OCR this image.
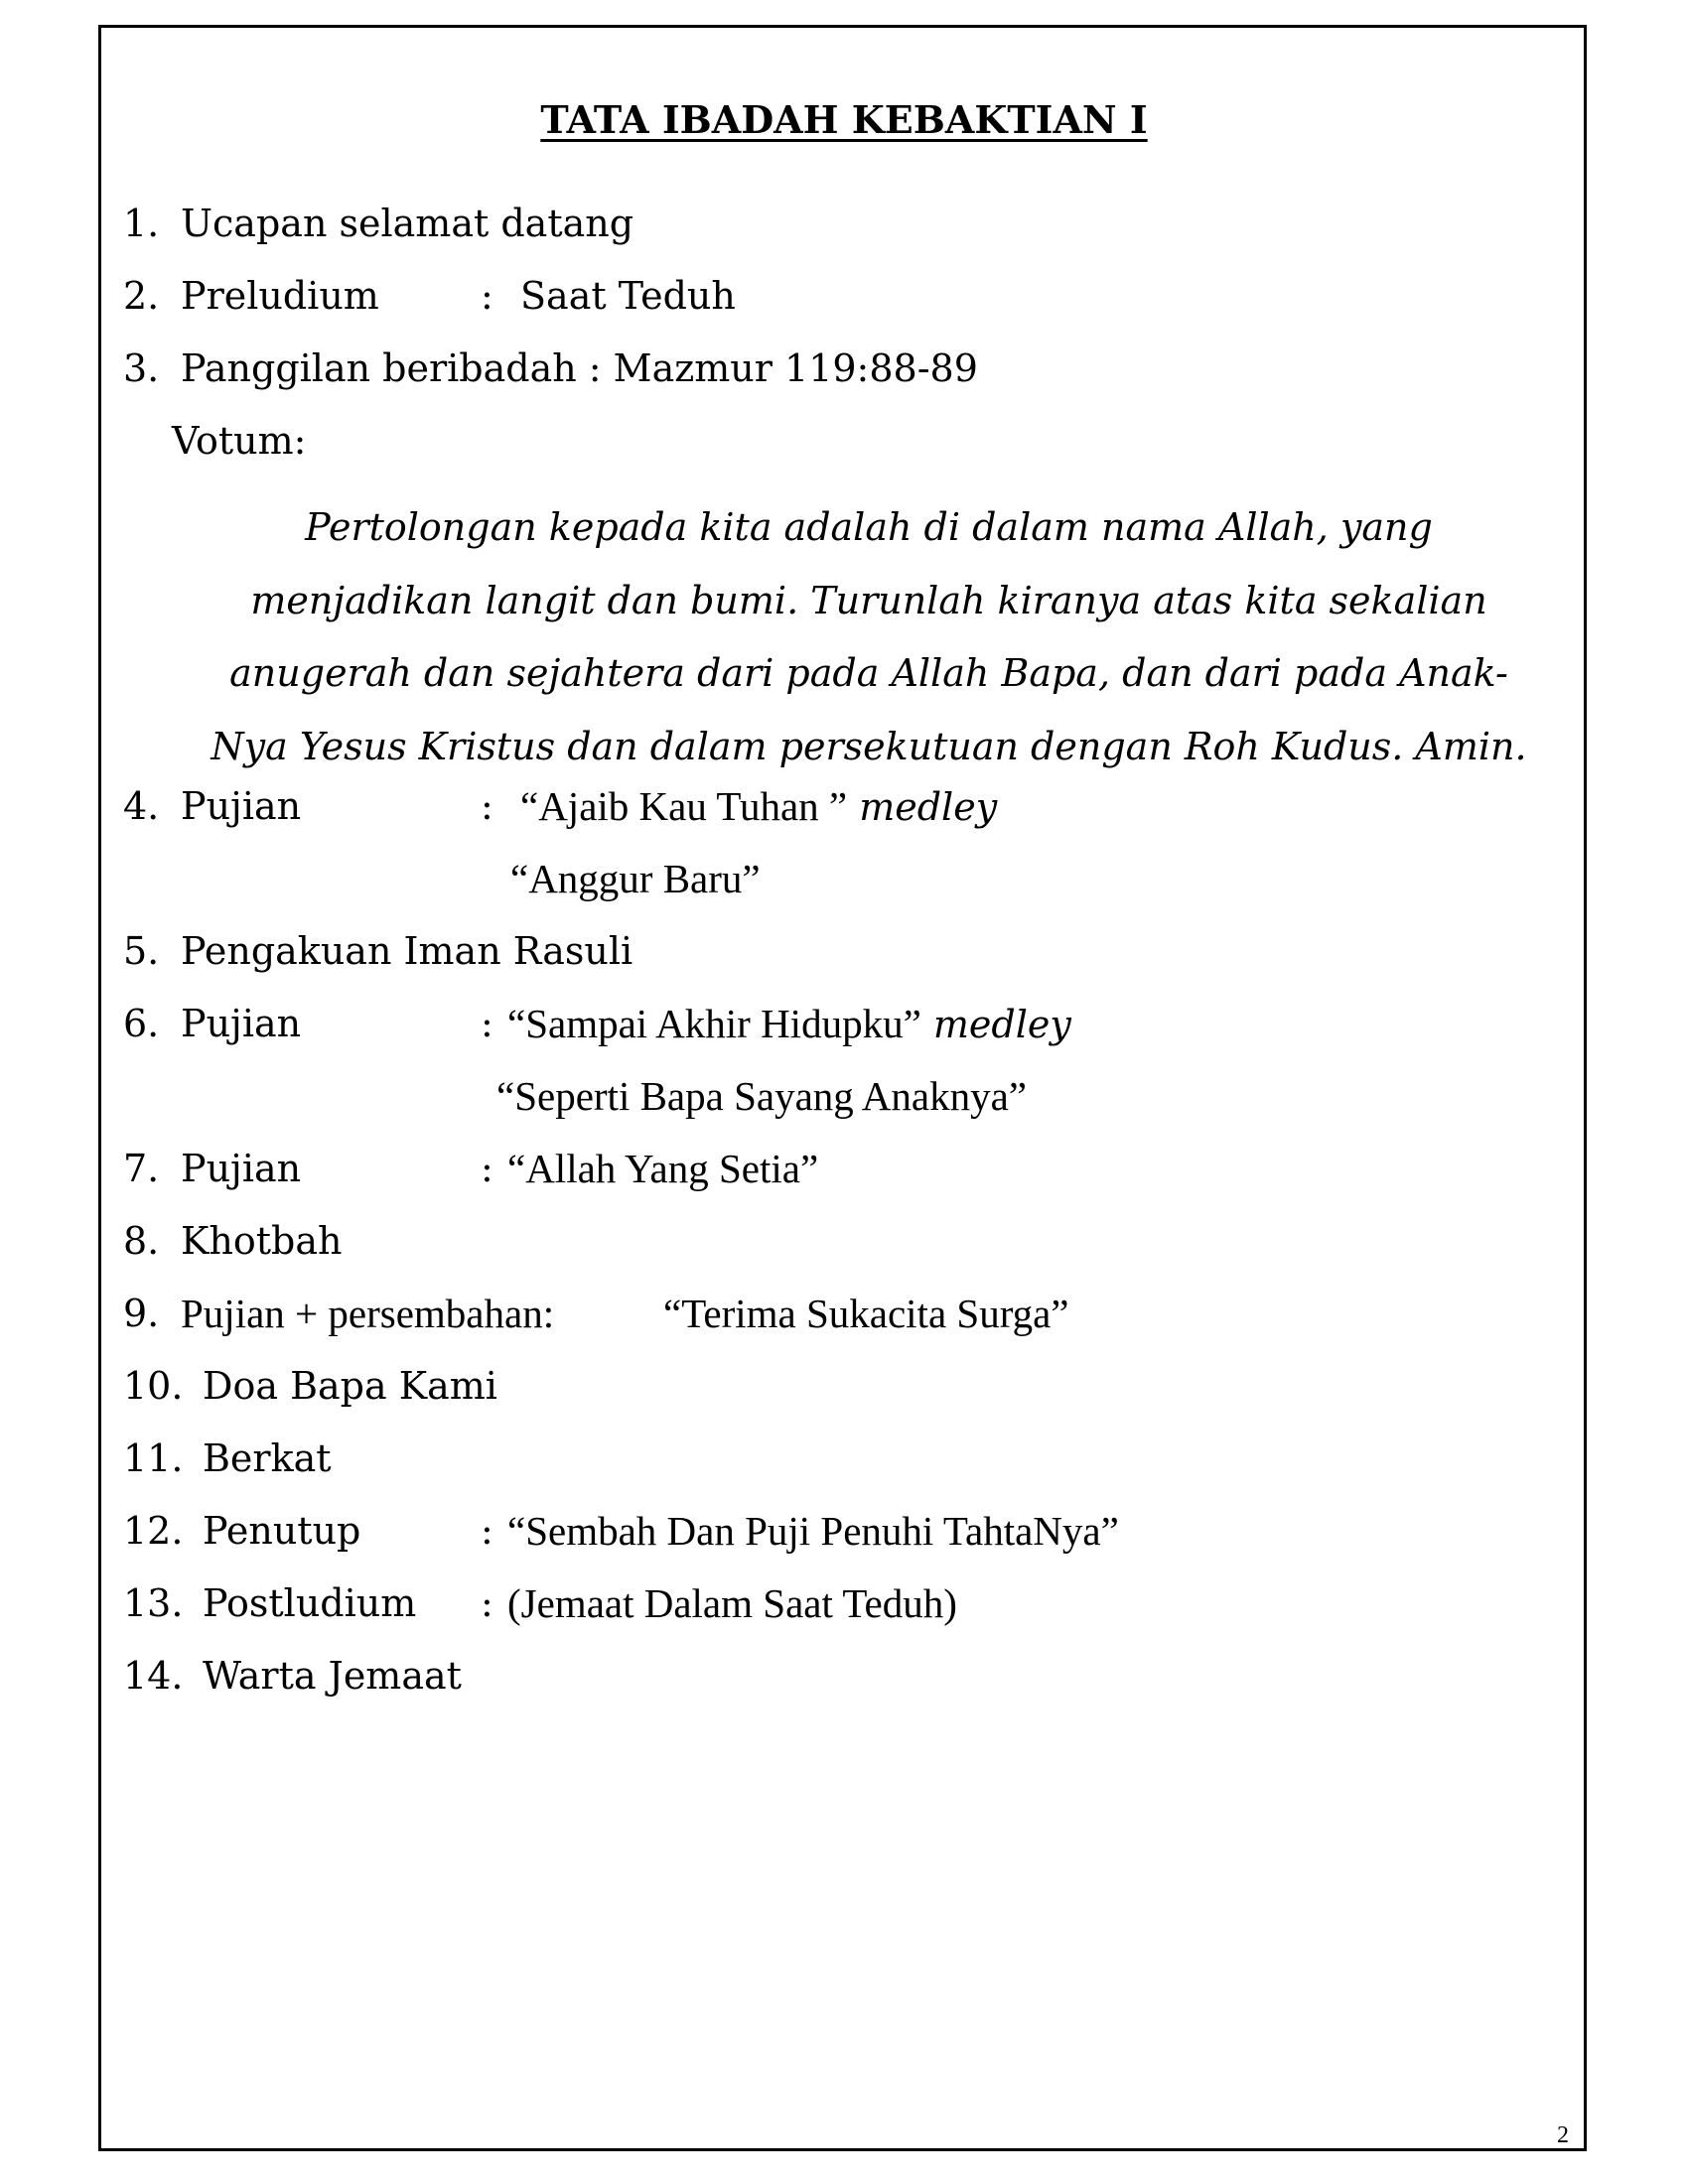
TATA IBADAH KEBAKTIAN I
1. Ucapan selamat datang
2. Preludium	: Saat Teduh
3. Panggilan beribadah : Mazmur 119:88-89
Votum:
Pertolongan kepada kita adalah di dalam nama Allah, yang
menjadikan langit dan bumi. Turunlah kiranya atas kita sekalian
anugerah dan sejahtera dari pada Allah Bapa, dan dari pada Anak-
Nya Yesus Kristus dan dalam persekutuan dengan Roh Kudus. Amin.
4. Pujian	: “Ajaib Kau Tuhan ” medley
“Anggur Baru”
5. Pengakuan Iman Rasuli
6. Pujian	: “Sampai Akhir Hidupku” medley
“Seperti Bapa Sayang Anaknya”
7. Pujian	: “Allah Yang Setia”
8. Khotbah
9. Pujian + persembahan:	“Terima Sukacita Surga”
10. Doa Bapa Kami
11. Berkat
12. Penutup	: “Sembah Dan Puji Penuhi TahtaNya”
13. Postludium : (Jemaat Dalam Saat Teduh)
14. Warta Jemaat
2
